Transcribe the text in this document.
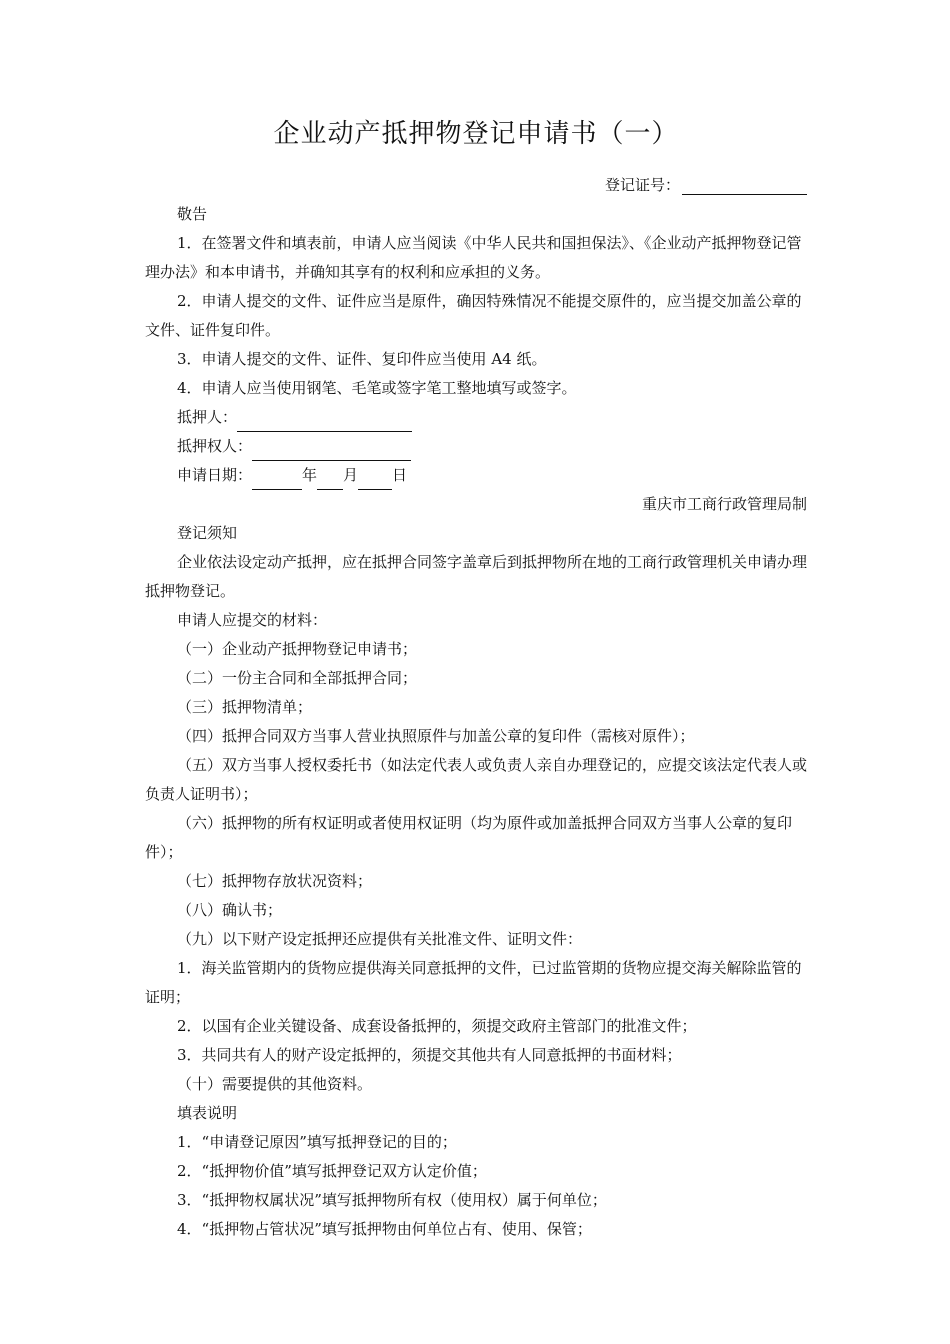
企业动产抵押物登记申请书（一）
登记证号：

敬告

1．在签署文件和填表前，申请人应当阅读《中华人民共和国担保法》、《企业动产抵押物登记管理办法》和本申请书，并确知其享有的权利和应承担的义务。

2．申请人提交的文件、证件应当是原件，确因特殊情况不能提交原件的，应当提交加盖公章的文件、证件复印件。

3．申请人提交的文件、证件、复印件应当使用 A4 纸。

4．申请人应当使用钢笔、毛笔或签字笔工整地填写或签字。

抵押人：

抵押权人：

申请日期：	年 月 日

重庆市工商行政管理局制

登记须知

企业依法设定动产抵押，应在抵押合同签字盖章后到抵押物所在地的工商行政管理机关申请办理抵押物登记。

申请人应提交的材料：

（一）企业动产抵押物登记申请书；

（二）一份主合同和全部抵押合同；

（三）抵押物清单；

（四）抵押合同双方当事人营业执照原件与加盖公章的复印件（需核对原件）；

（五）双方当事人授权委托书（如法定代表人或负责人亲自办理登记的，应提交该法定代表人或负责人证明书）；

（六）抵押物的所有权证明或者使用权证明（均为原件或加盖抵押合同双方当事人公章的复印件）；

（七）抵押物存放状况资料；

（八）确认书；

（九）以下财产设定抵押还应提供有关批准文件、证明文件：

1．海关监管期内的货物应提供海关同意抵押的文件，已过监管期的货物应提交海关解除监管的证明；

2．以国有企业关键设备、成套设备抵押的，须提交政府主管部门的批准文件；

3．共同共有人的财产设定抵押的，须提交其他共有人同意抵押的书面材料；

（十）需要提供的其他资料。

填表说明

1．“申请登记原因”填写抵押登记的目的；

2．“抵押物价值”填写抵押登记双方认定价值；

3．“抵押物权属状况”填写抵押物所有权（使用权）属于何单位；

4．“抵押物占管状况”填写抵押物由何单位占有、使用、保管；
